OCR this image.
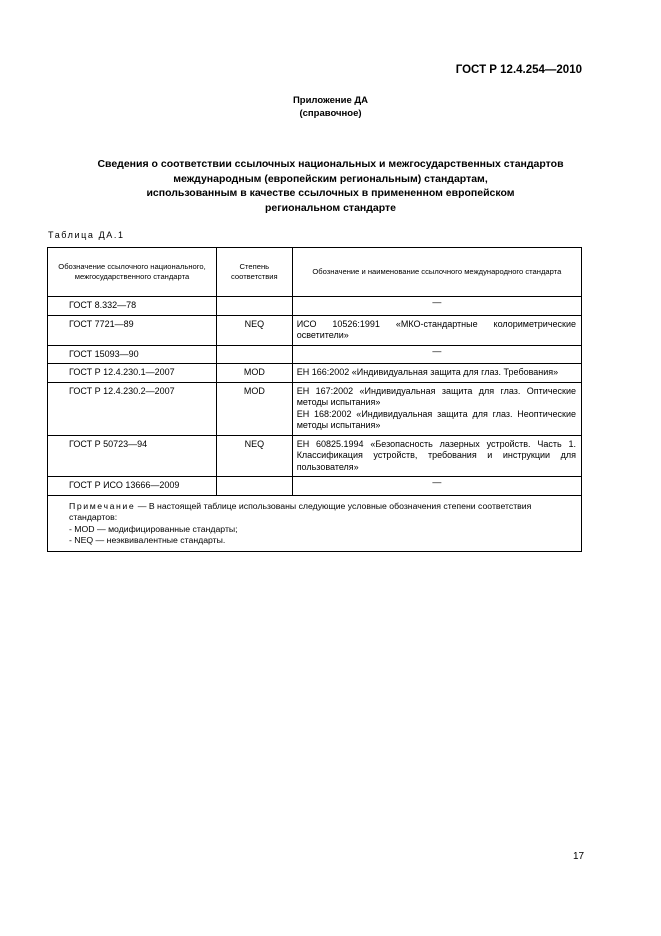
ГОСТ Р 12.4.254—2010
Приложение ДА
(справочное)
Сведения о соответствии ссылочных национальных и межгосударственных стандартов
международным (европейским региональным) стандартам,
использованным в качестве ссылочных в примененном европейском
региональном стандарте
Таблица ДА.1
Обозначение ссылочного национального, межгосударственного стандарта	Степень соответствия	Обозначение и наименование ссылочного международного стандарта
ГОСТ 8.332—78		—
ГОСТ 7721—89	NEQ	ИСО 10526:1991 «МКО-стандартные колориметрические осветители»
ГОСТ 15093—90		—
ГОСТ Р 12.4.230.1—2007	MOD	ЕН 166:2002 «Индивидуальная защита для глаз. Требования»
ГОСТ Р 12.4.230.2—2007	MOD	ЕН 167:2002 «Индивидуальная защита для глаз. Оптические методы испытания»
ЕН 168:2002 «Индивидуальная защита для глаз. Неоптические методы испытания»

ГОСТ Р 50723—94	NEQ	ЕН 60825.1994 «Безопасность лазерных устройств. Часть 1. Классификация устройств, требования и инструкции для пользователя»
ГОСТ Р ИСО 13666—2009		—

Примечание — В настоящей таблице использованы следующие условные обозначения степени соответствия стандартов:
- MOD — модифицированные стандарты;
- NEQ — неэквивалентные стандарты.		
17
